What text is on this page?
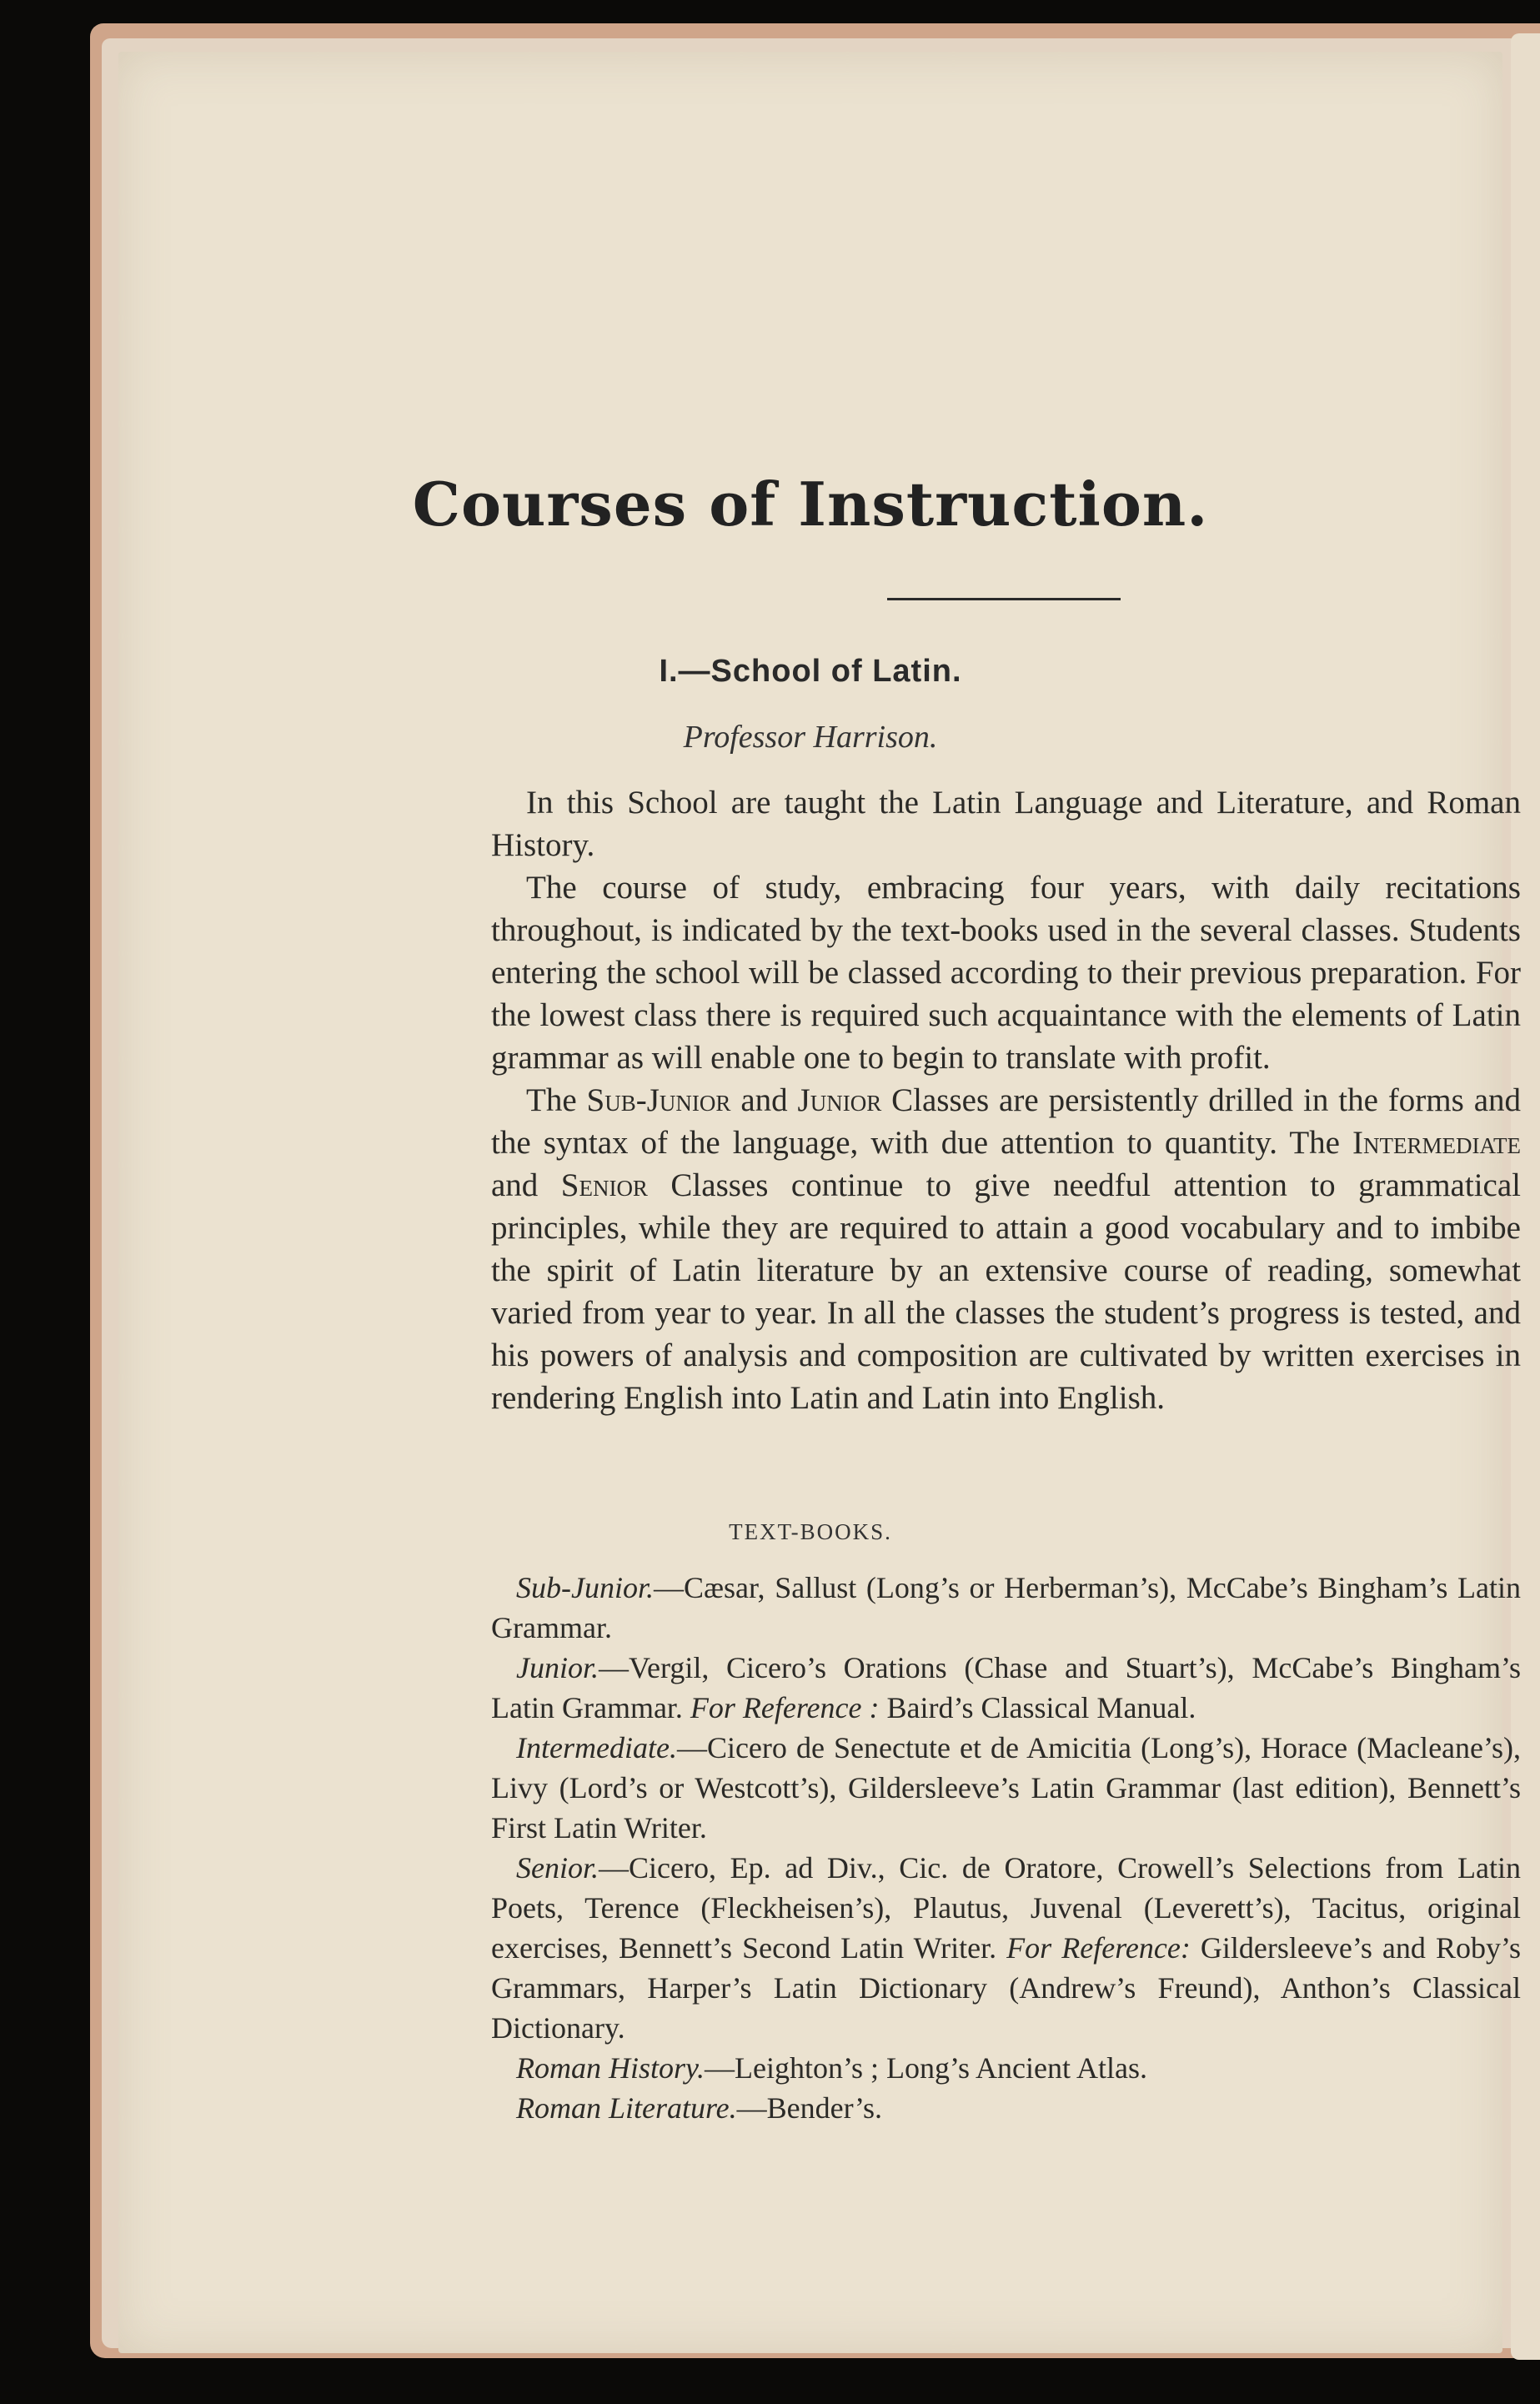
Courses of Instruction.
I.—School of Latin.
Professor Harrison.

In this School are taught the Latin Language and Literature, and Roman History.

The course of study, embracing four years, with daily recitations throughout, is indicated by the text-books used in the several classes. Students entering the school will be classed according to their previous preparation. For the lowest class there is required such acquaintance with the elements of Latin grammar as will enable one to begin to translate with profit.

The Sub-Junior and Junior Classes are persistently drilled in the forms and the syntax of the language, with due attention to quantity. The Intermediate and Senior Classes continue to give needful attention to grammatical principles, while they are required to attain a good vocabulary and to imbibe the spirit of Latin literature by an extensive course of reading, somewhat varied from year to year. In all the classes the student’s progress is tested, and his powers of analysis and composition are cultivated by written exercises in rendering English into Latin and Latin into English.

TEXT-BOOKS.

Sub-Junior.—Cæsar, Sallust (Long’s or Herberman’s), McCabe’s Bingham’s Latin Grammar.

Junior.—Vergil, Cicero’s Orations (Chase and Stuart’s), McCabe’s Bingham’s Latin Grammar. For Reference : Baird’s Classical Manual.

Intermediate.—Cicero de Senectute et de Amicitia (Long’s), Horace (Macleane’s), Livy (Lord’s or Westcott’s), Gildersleeve’s Latin Grammar (last edition), Bennett’s First Latin Writer.

Senior.—Cicero, Ep. ad Div., Cic. de Oratore, Crowell’s Selections from Latin Poets, Terence (Fleckheisen’s), Plautus, Juvenal (Leverett’s), Tacitus, original exercises, Bennett’s Second Latin Writer. For Reference: Gildersleeve’s and Roby’s Grammars, Harper’s Latin Dictionary (Andrew’s Freund), Anthon’s Classical Dictionary.

Roman History.—Leighton’s ; Long’s Ancient Atlas.

Roman Literature.—Bender’s.
